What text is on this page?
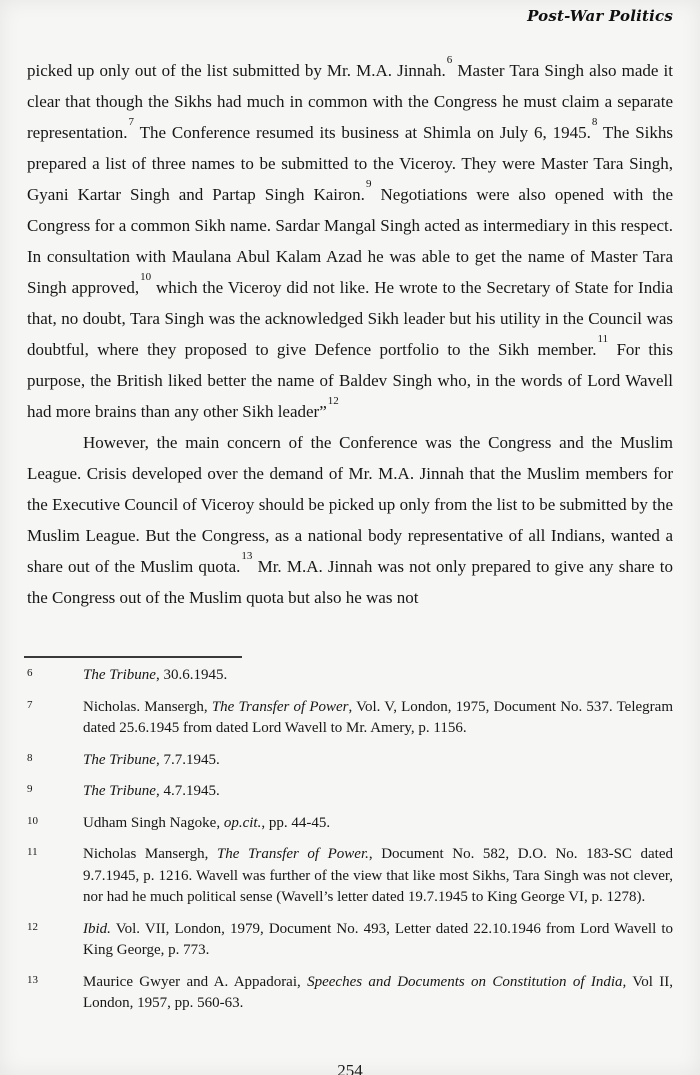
Post-War Politics

picked up only out of the list submitted by Mr. M.A. Jinnah.$^6$ Master Tara Singh also made it clear that though the Sikhs had much in common with the Congress he must claim a separate representation.$^7$ The Conference resumed its business at Shimla on July 6, 1945.$^8$ The Sikhs prepared a list of three names to be submitted to the Viceroy. They were Master Tara Singh, Gyani Kartar Singh and Partap Singh Kairon.$^9$ Negotiations were also opened with the Congress for a common Sikh name. Sardar Mangal Singh acted as intermediary in this respect. In consultation with Maulana Abul Kalam Azad he was able to get the name of Master Tara Singh approved,$^{10}$ which the Viceroy did not like. He wrote to the Secretary of State for India that, no doubt, Tara Singh was the acknowledged Sikh leader but his utility in the Council was doubtful, where they proposed to give Defence portfolio to the Sikh member.$^{11}$ For this purpose, the British liked better the name of Baldev Singh who, in the words of Lord Wavell had more brains than any other Sikh leader”$^{12}$

However, the main concern of the Conference was the Congress and the Muslim League. Crisis developed over the demand of Mr. M.A. Jinnah that the Muslim members for the Executive Council of Viceroy should be picked up only from the list to be submitted by the Muslim League. But the Congress, as a national body representative of all Indians, wanted a share out of the Muslim quota.$^{13}$ Mr. M.A. Jinnah was not only prepared to give any share to the Congress out of the Muslim quota but also he was not

6	The Tribune, 30.6.1945.
7	Nicholas. Mansergh, The Transfer of Power, Vol. V, London, 1975, Document No. 537. Telegram dated 25.6.1945 from dated Lord Wavell to Mr. Amery, p. 1156.
8	The Tribune, 7.7.1945.
9	The Tribune, 4.7.1945.
10	Udham Singh Nagoke, op.cit., pp. 44-45.
11	Nicholas Mansergh, The Transfer of Power., Document No. 582, D.O. No. 183-SC dated 9.7.1945, p. 1216. Wavell was further of the view that like most Sikhs, Tara Singh was not clever, nor had he much political sense (Wavell’s letter dated 19.7.1945 to King George VI, p. 1278).
12	Ibid. Vol. VII, London, 1979, Document No. 493, Letter dated 22.10.1946 from Lord Wavell to King George, p. 773.
13	Maurice Gwyer and A. Appadorai, Speeches and Documents on Constitution of India, Vol II, London, 1957, pp. 560-63.
254
